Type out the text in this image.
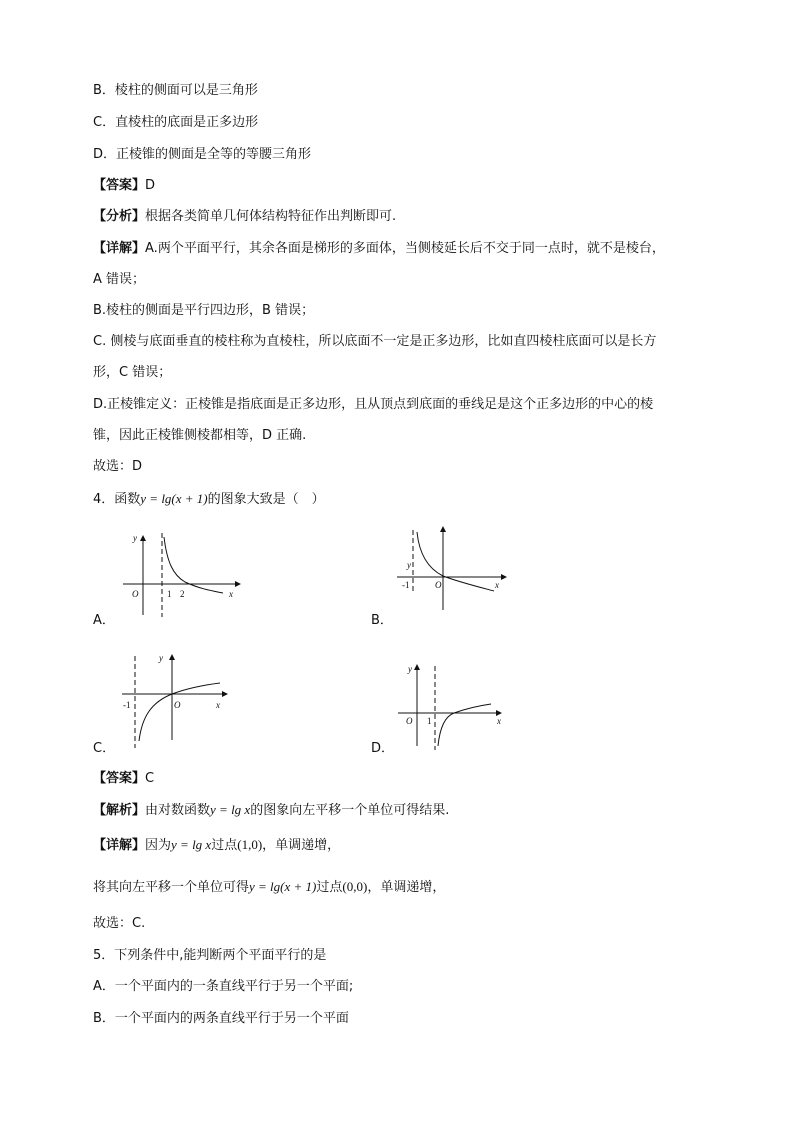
B．棱柱的侧面可以是三角形
C．直棱柱的底面是正多边形
D．正棱锥的侧面是全等的等腰三角形
【答案】D
【分析】根据各类简单几何体结构特征作出判断即可.
【详解】A.两个平面平行，其余各面是梯形的多面体，当侧棱延长后不交于同一点时，就不是棱台，
A 错误；
B.棱柱的侧面是平行四边形，B 错误；
C. 侧棱与底面垂直的棱柱称为直棱柱，所以底面不一定是正多边形，比如直四棱柱底面可以是长方
形，C 错误；
D.正棱锥定义：正棱锥是指底面是正多边形，且从顶点到底面的垂线足是这个正多边形的中心的棱
锥，因此正棱锥侧棱都相等，D 正确.
故选：D
4．函数y = lg(x + 1)的图象大致是（　）
y
x
O	1 2
A．
y
x
O
-1
B．
y
x
O
-1
C．
y
x
O 1
D．
【答案】C
【解析】由对数函数y = lg x的图象向左平移一个单位可得结果.
【详解】因为y = lg x过点(1,0)，单调递增，
将其向左平移一个单位可得y = lg(x + 1)过点(0,0)，单调递增，
故选：C.
5．下列条件中,能判断两个平面平行的是
A．一个平面内的一条直线平行于另一个平面;
B．一个平面内的两条直线平行于另一个平面
